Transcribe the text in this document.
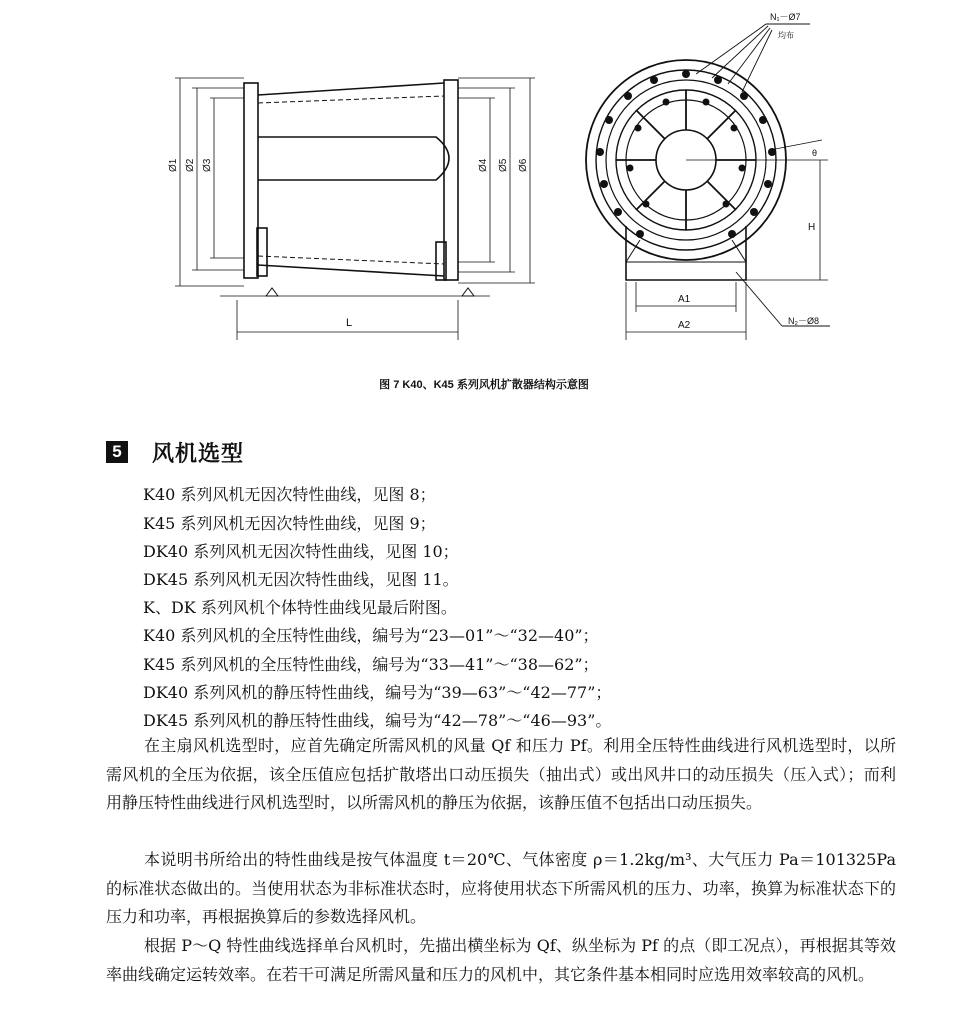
Ø1 Ø2 Ø3	Ø4 Ø5 Ø6
L
N₁－Ø7
均布
θ
H
A1
A2	N₂－Ø8
图 7 K40、K45 系列风机扩散器结构示意图
5 风机选型
K40 系列风机无因次特性曲线，见图 8；
K45 系列风机无因次特性曲线，见图 9；
DK40 系列风机无因次特性曲线，见图 10；
DK45 系列风机无因次特性曲线，见图 11。
K、DK 系列风机个体特性曲线见最后附图。
K40 系列风机的全压特性曲线，编号为“23—01”～“32—40”；
K45 系列风机的全压特性曲线，编号为“33—41”～“38—62”；
DK40 系列风机的静压特性曲线，编号为“39—63”～“42—77”；
DK45 系列风机的静压特性曲线，编号为“42—78”～“46—93”。

在主扇风机选型时，应首先确定所需风机的风量 Qf 和压力 Pf。利用全压特性曲线进行风机选型时，以所需风机的全压为依据，该全压值应包括扩散塔出口动压损失（抽出式）或出风井口的动压损失（压入式）；而利用静压特性曲线进行风机选型时，以所需风机的静压为依据，该静压值不包括出口动压损失。

本说明书所给出的特性曲线是按气体温度 t＝20℃、气体密度 ρ＝1.2kg/m³、大气压力 Pa＝101325Pa 的标准状态做出的。当使用状态为非标准状态时，应将使用状态下所需风机的压力、功率，换算为标准状态下的压力和功率，再根据换算后的参数选择风机。

根据 P～Q 特性曲线选择单台风机时，先描出横坐标为 Qf、纵坐标为 Pf 的点（即工况点），再根据其等效率曲线确定运转效率。在若干可满足所需风量和压力的风机中，其它条件基本相同时应选用效率较高的风机。
